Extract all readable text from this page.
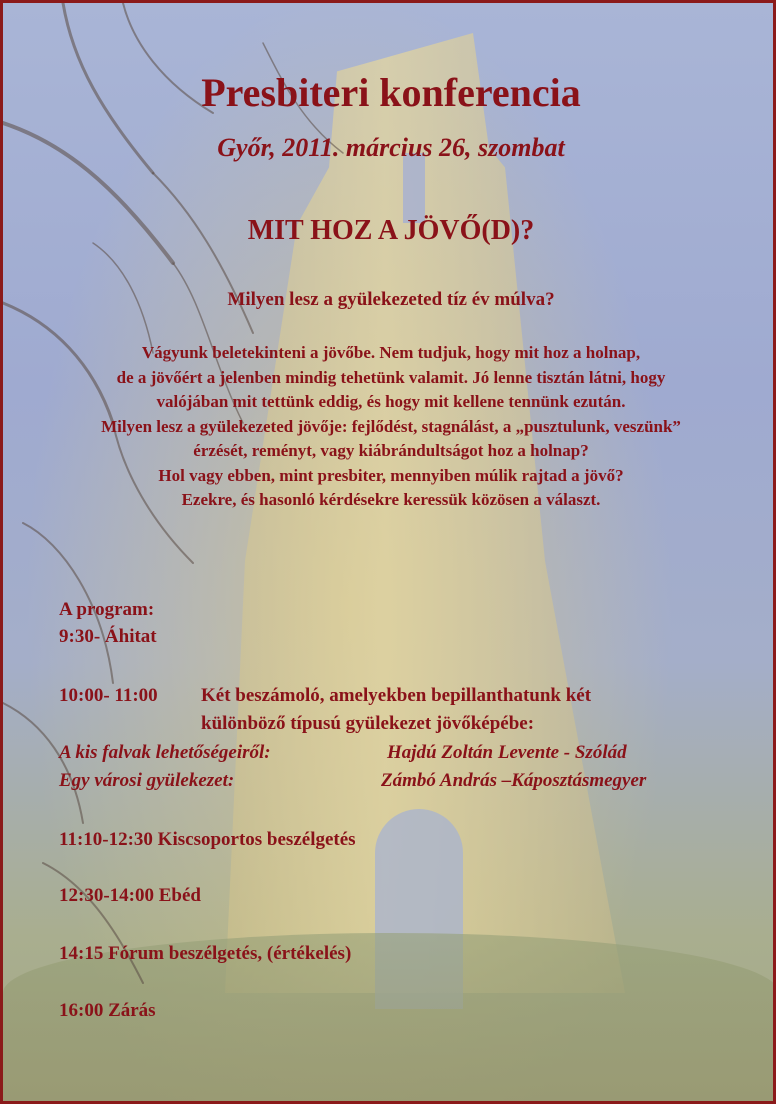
Presbiteri konferencia
Győr, 2011. március 26, szombat
MIT HOZ A JÖVŐ(D)?
Milyen lesz a gyülekezeted tíz év múlva?
Vágyunk beletekinteni a jövőbe. Nem tudjuk, hogy mit hoz a holnap,
de a jövőért a jelenben mindig tehetünk valamit. Jó lenne tisztán látni, hogy
valójában mit tettünk eddig, és hogy mit kellene tennünk ezután.
Milyen lesz a gyülekezeted jövője: fejlődést, stagnálást, a „pusztulunk, veszünk”
érzését, reményt, vagy kiábrándultságot hoz a holnap?
Hol vagy ebben, mint presbiter, mennyiben múlik rajtad a jövő?
Ezekre, és hasonló kérdésekre keressük közösen a választ.
A program:
9:30- Áhitat
10:00- 11:00 Két beszámoló, amelyekben bepillanthatunk két
különböző típusú gyülekezet jövőképébe:
A kis falvak lehetőségeiről:	Hajdú Zoltán Levente - Szólád
Egy városi gyülekezet:	Zámbó András –Káposztásmegyer
11:10-12:30 Kiscsoportos beszélgetés
12:30-14:00 Ebéd
14:15 Fórum beszélgetés, (értékelés)
16:00 Zárás
